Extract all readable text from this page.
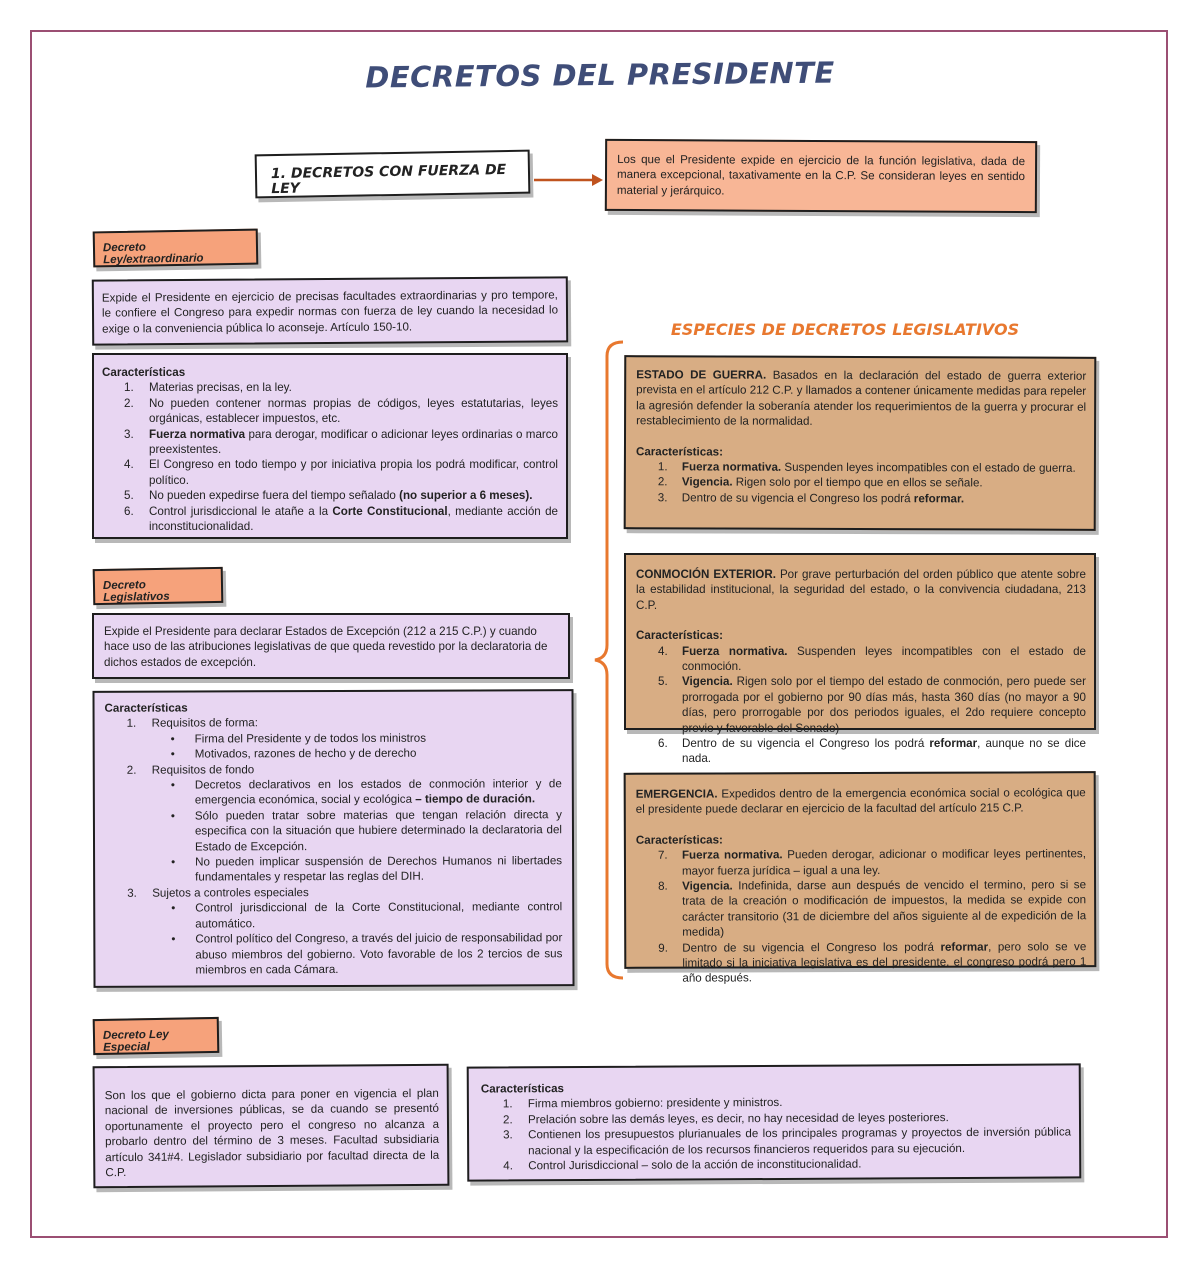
DECRETOS DEL PRESIDENTE
1. DECRETOS CON FUERZA DE LEY
Los que el Presidente expide en ejercicio de la función legislativa, dada de manera excepcional, taxativamente en la C.P. Se consideran leyes en sentido material y jerárquico.
Decreto Ley/extraordinario
Expide el Presidente en ejercicio de precisas facultades extraordinarias y pro tempore, le confiere el Congreso para expedir normas con fuerza de ley cuando la necesidad lo exige o la conveniencia pública lo aconseje. Artículo 150-10.
Características
1.	Materias precisas, en la ley.
2.	No pueden contener normas propias de códigos, leyes estatutarias, leyes orgánicas, establecer impuestos, etc.
3.	Fuerza normativa para derogar, modificar o adicionar leyes ordinarias o marco preexistentes.
4.	El Congreso en todo tiempo y por iniciativa propia los podrá modificar, control político.
5.	No pueden expedirse fuera del tiempo señalado (no superior a 6 meses).
6.	Control jurisdiccional le atañe a la Corte Constitucional, mediante acción de inconstitucionalidad.
Decreto Legislativos
Expide el Presidente para declarar Estados de Excepción (212 a 215 C.P.) y cuando hace uso de las atribuciones legislativas de que queda revestido por la declaratoria de dichos estados de excepción.
Características
1.	Requisitos de forma:
•	Firma del Presidente y de todos los ministros
•	Motivados, razones de hecho y de derecho
2.	Requisitos de fondo
•	Decretos declarativos en los estados de conmoción interior y de emergencia económica, social y ecológica – tiempo de duración.
•	Sólo pueden tratar sobre materias que tengan relación directa y especifica con la situación que hubiere determinado la declaratoria del Estado de Excepción.
•	No pueden implicar suspensión de Derechos Humanos ni libertades fundamentales y respetar las reglas del DIH.
3.	Sujetos a controles especiales
•	Control jurisdiccional de la Corte Constitucional, mediante control automático.
•	Control político del Congreso, a través del juicio de responsabilidad por abuso miembros del gobierno. Voto favorable de los 2 tercios de sus miembros en cada Cámara.
ESPECIES DE DECRETOS LEGISLATIVOS
ESTADO DE GUERRA. Basados en la declaración del estado de guerra exterior prevista en el artículo 212 C.P. y llamados a contener únicamente medidas para repeler la agresión defender la soberanía atender los requerimientos de la guerra y procurar el restablecimiento de la normalidad.
Características:
1.	Fuerza normativa. Suspenden leyes incompatibles con el estado de guerra.
2.	Vigencia. Rigen solo por el tiempo que en ellos se señale.
3.	Dentro de su vigencia el Congreso los podrá reformar.
CONMOCIÓN EXTERIOR. Por grave perturbación del orden público que atente sobre la estabilidad institucional, la seguridad del estado, o la convivencia ciudadana, 213 C.P.
Características:
4.	Fuerza normativa. Suspenden leyes incompatibles con el estado de conmoción.
5.	Vigencia. Rigen solo por el tiempo del estado de conmoción, pero puede ser prorrogada por el gobierno por 90 días más, hasta 360 días (no mayor a 90 días, pero prorrogable por dos periodos iguales, el 2do requiere concepto previo y favorable del Senado)
6.	Dentro de su vigencia el Congreso los podrá reformar, aunque no se dice nada.
EMERGENCIA. Expedidos dentro de la emergencia económica social o ecológica que el presidente puede declarar en ejercicio de la facultad del artículo 215 C.P.
Características:
7.	Fuerza normativa. Pueden derogar, adicionar o modificar leyes pertinentes, mayor fuerza jurídica – igual a una ley.
8.	Vigencia. Indefinida, darse aun después de vencido el termino, pero si se trata de la creación o modificación de impuestos, la medida se expide con carácter transitorio (31 de diciembre del años siguiente al de expedición de la medida)
9.	Dentro de su vigencia el Congreso los podrá reformar, pero solo se ve limitado si la iniciativa legislativa es del presidente, el congreso podrá pero 1 año después.
Decreto Ley Especial
Son los que el gobierno dicta para poner en vigencia el plan nacional de inversiones públicas, se da cuando se presentó oportunamente el proyecto pero el congreso no alcanza a probarlo dentro del término de 3 meses. Facultad subsidiaria artículo 341#4. Legislador subsidiario por facultad directa de la C.P.
Características
1.	Firma miembros gobierno: presidente y ministros.
2.	Prelación sobre las demás leyes, es decir, no hay necesidad de leyes posteriores.
3.	Contienen los presupuestos plurianuales de los principales programas y proyectos de inversión pública nacional y la especificación de los recursos financieros requeridos para su ejecución.
4.	Control Jurisdiccional – solo de la acción de inconstitucionalidad.
